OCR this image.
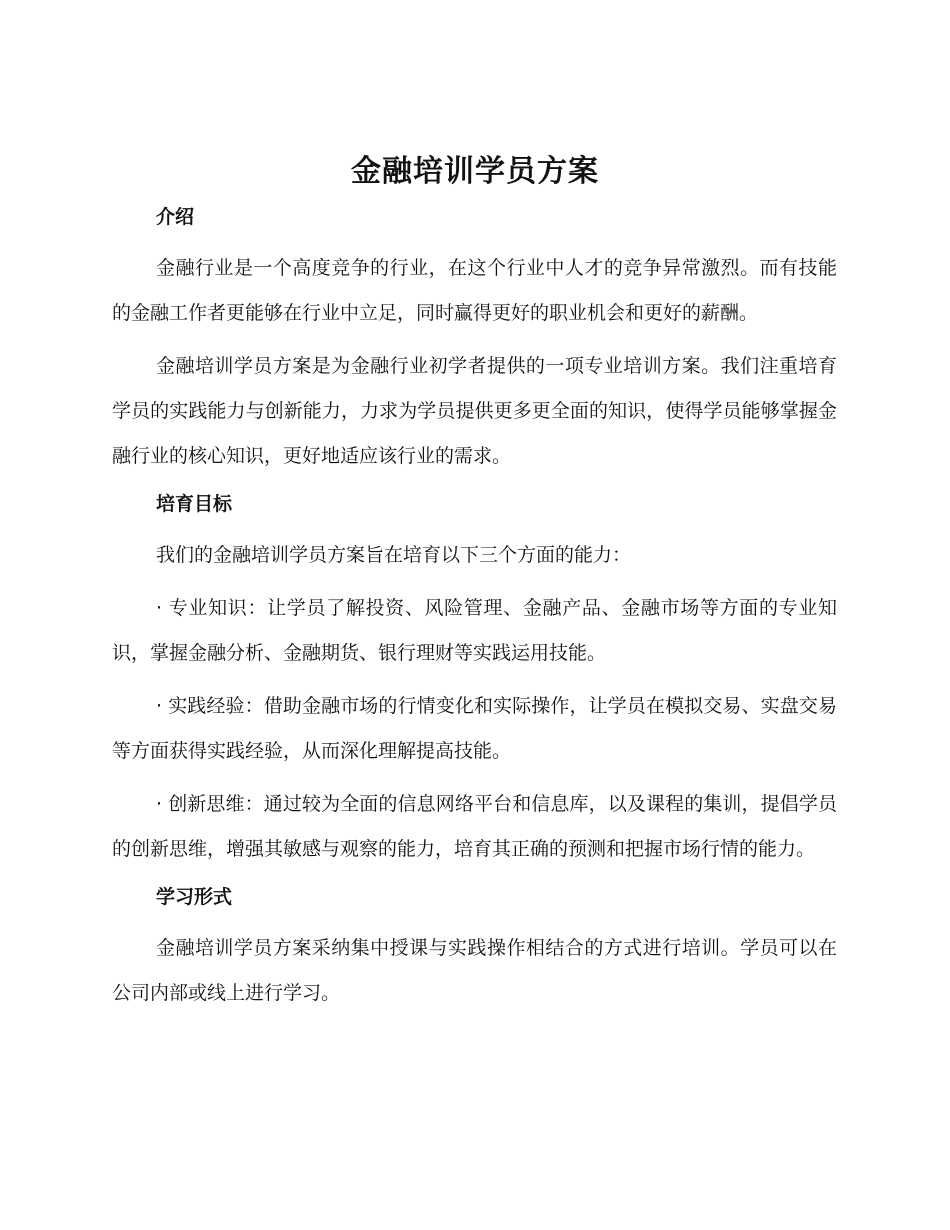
金融培训学员方案
介绍

金融行业是一个高度竞争的行业，在这个行业中人才的竞争异常激烈。而有技能的金融工作者更能够在行业中立足，同时赢得更好的职业机会和更好的薪酬。

金融培训学员方案是为金融行业初学者提供的一项专业培训方案。我们注重培育学员的实践能力与创新能力，力求为学员提供更多更全面的知识，使得学员能够掌握金融行业的核心知识，更好地适应该行业的需求。

培育目标

我们的金融培训学员方案旨在培育以下三个方面的能力：

· 专业知识：让学员了解投资、风险管理、金融产品、金融市场等方面的专业知识，掌握金融分析、金融期货、银行理财等实践运用技能。

· 实践经验：借助金融市场的行情变化和实际操作，让学员在模拟交易、实盘交易等方面获得实践经验，从而深化理解提高技能。

· 创新思维：通过较为全面的信息网络平台和信息库，以及课程的集训，提倡学员的创新思维，增强其敏感与观察的能力，培育其正确的预测和把握市场行情的能力。

学习形式

金融培训学员方案采纳集中授课与实践操作相结合的方式进行培训。学员可以在公司内部或线上进行学习。
